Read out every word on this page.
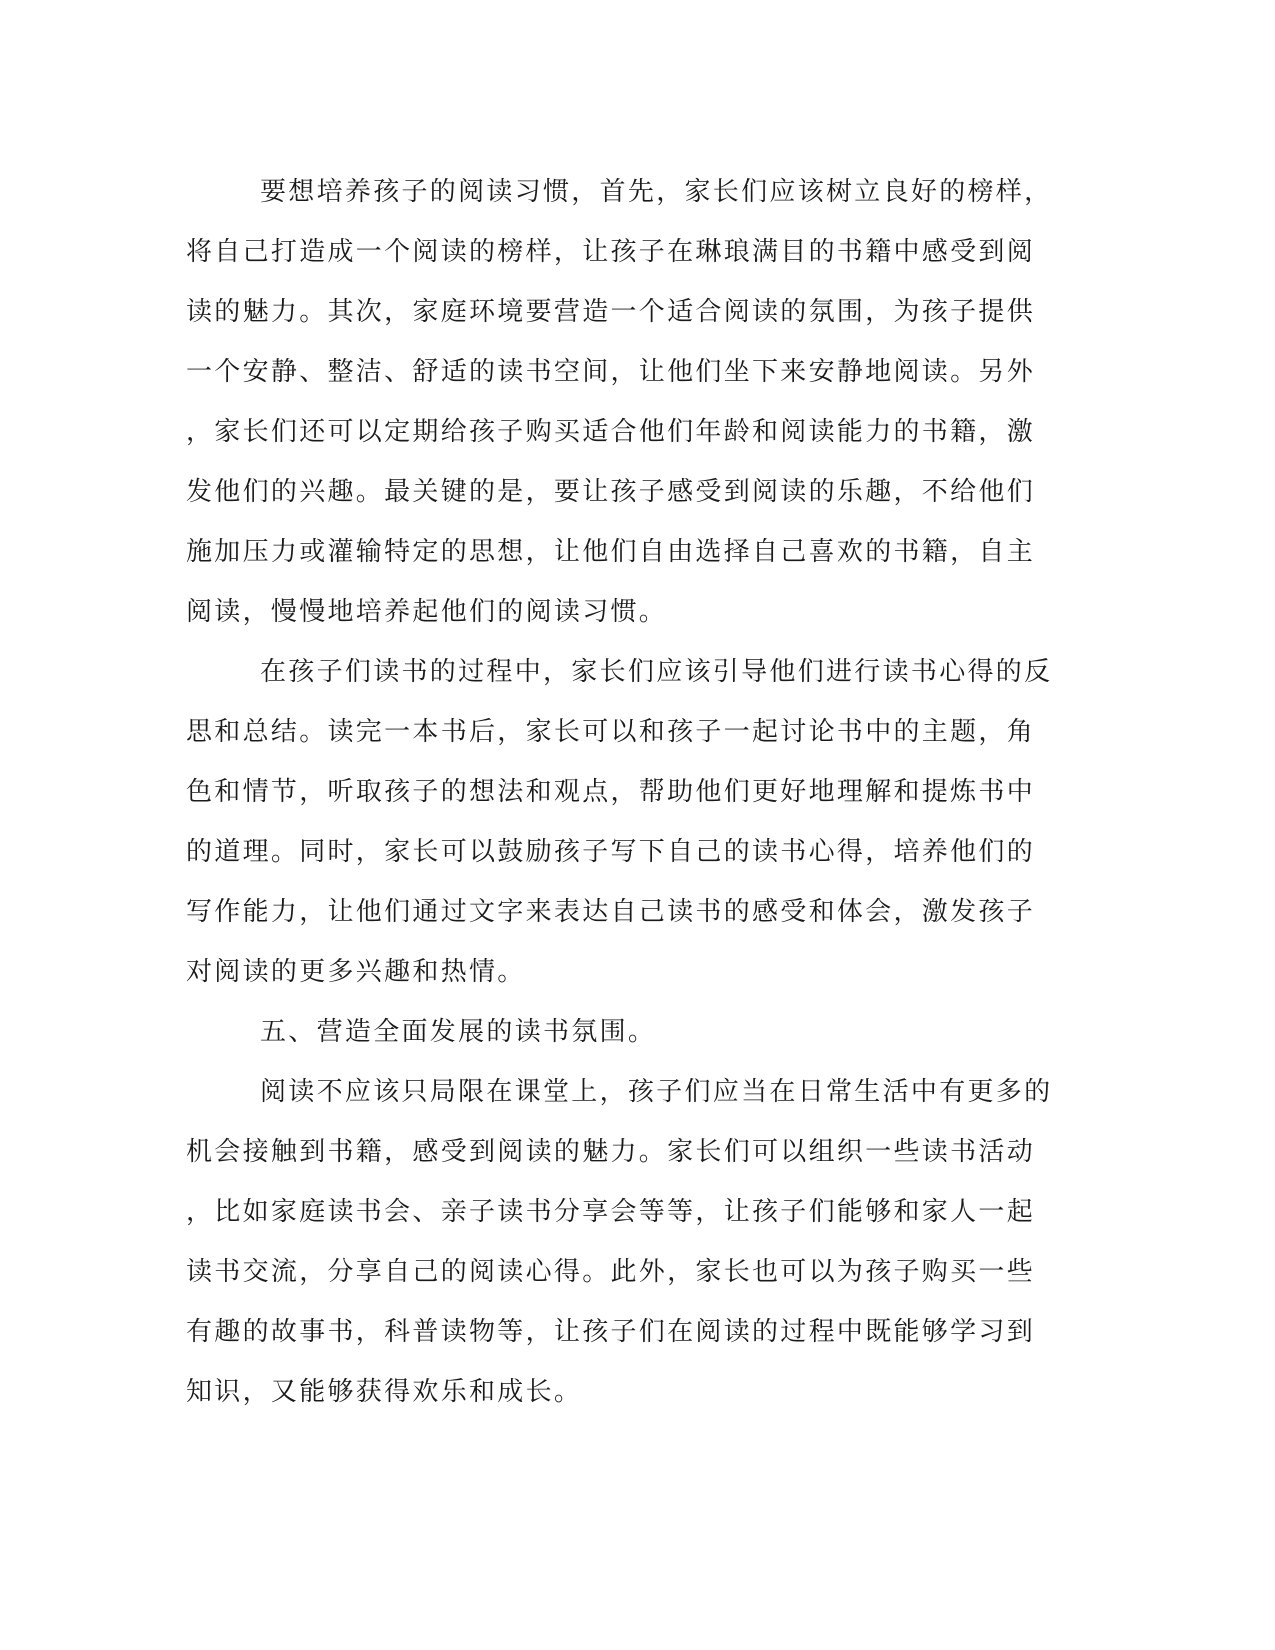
要想培养孩子的阅读习惯，首先，家长们应该树立良好的榜样，
将自己打造成一个阅读的榜样，让孩子在琳琅满目的书籍中感受到阅
读的魅力。其次，家庭环境要营造一个适合阅读的氛围，为孩子提供
一个安静、整洁、舒适的读书空间，让他们坐下来安静地阅读。另外
，家长们还可以定期给孩子购买适合他们年龄和阅读能力的书籍，激
发他们的兴趣。最关键的是，要让孩子感受到阅读的乐趣，不给他们
施加压力或灌输特定的思想，让他们自由选择自己喜欢的书籍，自主
阅读，慢慢地培养起他们的阅读习惯。
在孩子们读书的过程中，家长们应该引导他们进行读书心得的反
思和总结。读完一本书后，家长可以和孩子一起讨论书中的主题，角
色和情节，听取孩子的想法和观点，帮助他们更好地理解和提炼书中
的道理。同时，家长可以鼓励孩子写下自己的读书心得，培养他们的
写作能力，让他们通过文字来表达自己读书的感受和体会，激发孩子
对阅读的更多兴趣和热情。
五、营造全面发展的读书氛围。
阅读不应该只局限在课堂上，孩子们应当在日常生活中有更多的
机会接触到书籍，感受到阅读的魅力。家长们可以组织一些读书活动
，比如家庭读书会、亲子读书分享会等等，让孩子们能够和家人一起
读书交流，分享自己的阅读心得。此外，家长也可以为孩子购买一些
有趣的故事书，科普读物等，让孩子们在阅读的过程中既能够学习到
知识，又能够获得欢乐和成长。
